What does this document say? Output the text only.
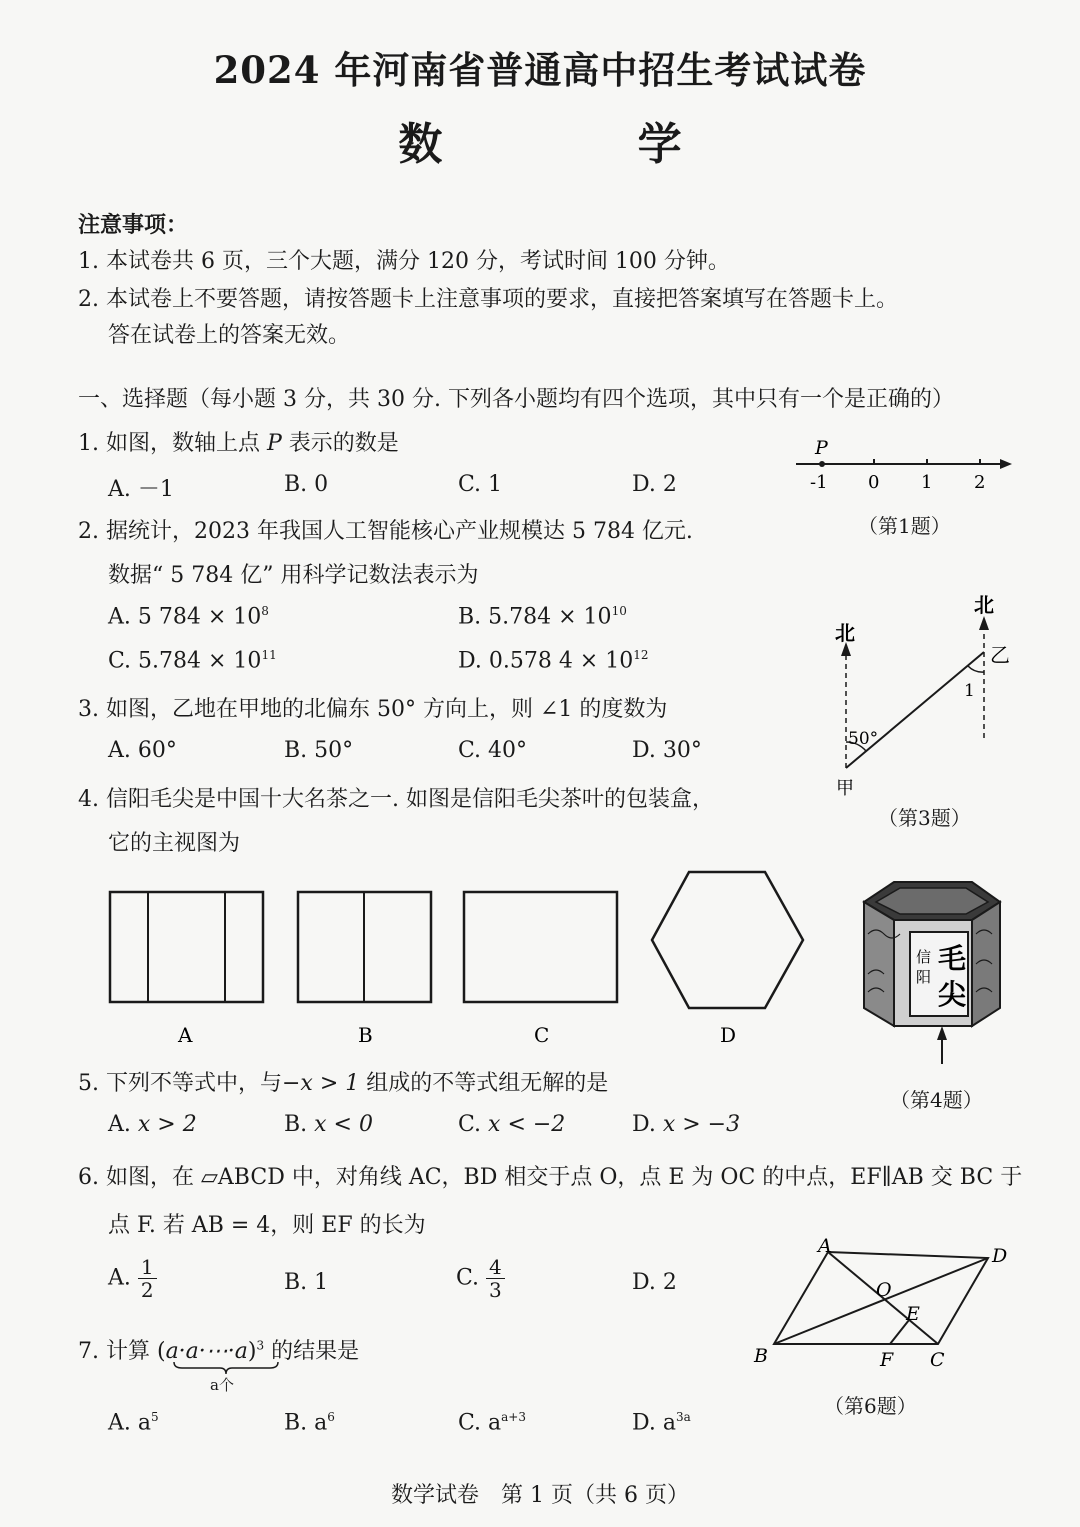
2024 年河南省普通高中招生考试试卷
数 学
注意事项：
1. 本试卷共 6 页，三个大题，满分 120 分，考试时间 100 分钟。
2. 本试卷上不要答题，请按答题卡上注意事项的要求，直接把答案填写在答题卡上。
答在试卷上的答案无效。
一、选择题（每小题 3 分，共 30 分. 下列各小题均有四个选项，其中只有一个是正确的）
1. 如图，数轴上点 P 表示的数是
A. －1	B. 0	C. 1	D. 2
P
-1 0 1 2
（第1题）
2. 据统计，2023 年我国人工智能核心产业规模达 5 784 亿元.
数据“ 5 784 亿” 用科学记数法表示为
A. 5 $784 \times 10^8$	B. $5.784 \times 10^{10}$
C. $5.784 \times 10^{11}$	D. 0.578 $4 \times 10^{12}$
北
北
50°
甲
乙
1
（第3题）
3. 如图，乙地在甲地的北偏东 50° 方向上，则 ∠1 的度数为
A. 60°	B. 50°	C. 40°	D. 30°
4. 信阳毛尖是中国十大名茶之一. 如图是信阳毛尖茶叶的包装盒，
它的主视图为
A	B	C	D
毛
尖
信
阳
（第4题）
5. 下列不等式中，与−x > 1 组成的不等式组无解的是
A. x > 2	B. x < 0	C. x < −2	D. x > −3
6. 如图，在 ▱ABCD 中，对角线 AC，BD 相交于点 O，点 E 为 OC 的中点，EF∥AB 交 BC 于
点 F. 若 AB = 4，则 EF 的长为
A. $\frac{1}{2}$	B. 1	C. $\frac{4}{3}$	D. 2
A	D
O
E
B	F C
（第6题）
7. 计算 (a·a·⋯·a)$^3$ 的结果是
a个
A. $a^5$	B. $a^6$	C. $a^{a+3}$	D. $a^{3a}$
数学试卷　第 1 页（共 6 页）
